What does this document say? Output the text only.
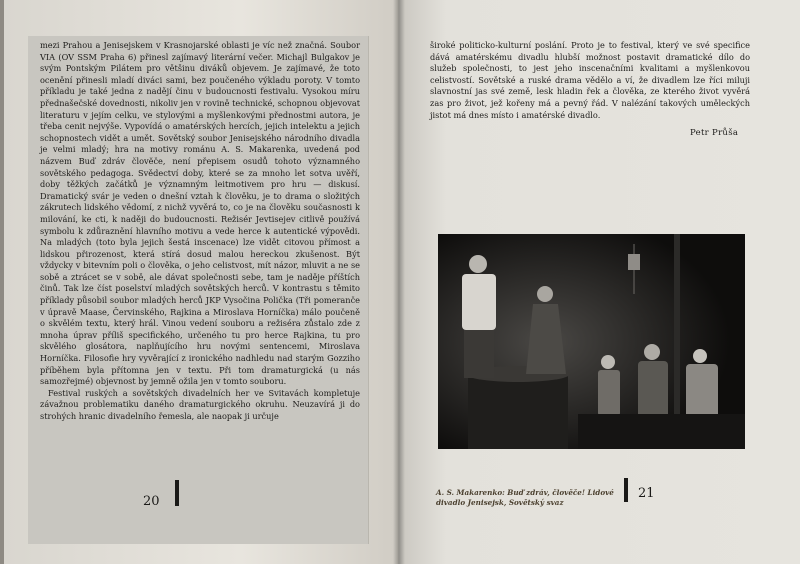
mezi Prahou a Jenisejskem v Krasnojarské oblasti je víc než značná. Soubor VIA (OV SSM Praha 6) přinesl zajímavý literární večer. Michajl Bulgakov je svým Pontským Pilátem pro většinu diváků objevem. Je zajímavé, že toto ocenění přinesli mladí diváci sami, bez poučeného výkladu poroty. V tomto příkladu je také jedna z nadějí činu v budoucnosti festivalu. Vysokou míru přednašečské dovednosti, nikoliv jen v rovině technické, schopnou objevovat literaturu v jejím celku, ve stylovými a myšlenkovými přednostmi autora, je třeba cenit nejvýše. Vypovídá o amatérských hercích, jejich intelektu a jejich schopnostech vidět a umět. Sovětský soubor Jenisejského národního divadla je velmi mladý; hra na motivy románu A. S. Makarenka, uvedená pod názvem Buď zdráv človĕče, není přepisem osudů tohoto významného sovětského pedagoga. Svědectví doby, které se za mnoho let sotva uvěří, doby těžkých začátků je významným leitmotivem pro hru — diskusí. Dramatický svár je veden o dnešní vztah k člověku, je to drama o složitých zákrutech lidského vědomí, z nichž vyvěrá to, co je na člověku současnosti k milování, ke cti, k naději do budoucnosti. Režisér Jevtisejev citlivě používá symbolu k zdůraznění hlavního motivu a vede herce k autentické výpovědi. Na mladých (toto byla jejich šestá inscenace) lze vidět citovou přímost a lidskou přirozenost, která stírá dosud malou hereckou zkušenost. Být vždycky v bitevním poli o člověka, o jeho celistvost, mít názor, mluvit a ne se sobě a ztrácet se v sobě, ale dávat společnosti sebe, tam je naděje příštích činů. Tak lze číst poselství mladých sovětských herců. V kontrastu s těmito příklady působil soubor mladých herců JKP Vysočina Polička (Tři pomeranče v úpravě Maase, Červinského, Rajkina a Miroslava Horníčka) málo poučeně o skvělém textu, který hrál. Vinou vedení souboru a režiséra zůstalo zde z mnoha úprav příliš specifického, určeného tu pro herce Rajkina, tu pro skvělého glosátora, naplňujícího hru novými sentencemi, Miroslava Horníčka. Filosofie hry vyvěrající z ironického nadhledu nad starým Gozziho příběhem byla přítomna jen v textu. Při tom dramaturgická (u nás samozřejmé) objevnost by jemně ožila jen v tomto souboru.

Festival ruských a sovětských divadelních her ve Svitavách kompletuje závažnou problematiku daného dramaturgického okruhu. Neuzavírá ji do strohých hranic divadelního řemesla, ale naopak ji určuje

20

široké politicko-kulturní poslání. Proto je to festival, který ve své specifice dává amatérskému divadlu hlubší možnost postavit dramatické dílo do služeb společnosti, to jest jeho inscenačními kvalitami a myšlenkovou celistvostí. Sovětské a ruské drama vědělo a ví, že divadlem lze říci miluji slavnostní jas své země, lesk hladin řek a člověka, ze kterého život vyvěrá zas pro život, jež kořeny má a pevný řád. V nalézání takových uměleckých jistot má dnes místo i amatérské divadlo.

Petr Průša
A. S. Makarenko: Buď zdráv, člověče! Lidové divadlo Jenisejsk, Sovětský svaz
21
